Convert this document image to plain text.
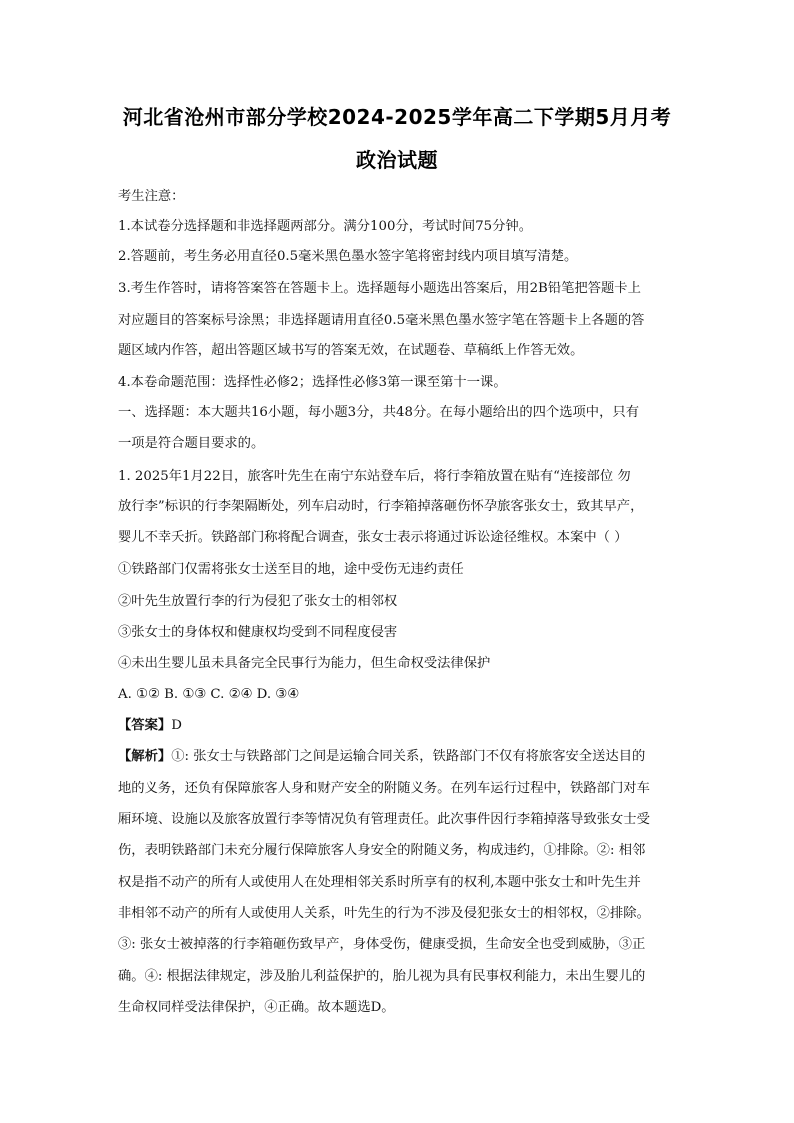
河北省沧州市部分学校2024-2025学年高二下学期5月月考
政治试题
考生注意：
1.本试卷分选择题和非选择题两部分。满分100分，考试时间75分钟。
2.答题前，考生务必用直径0.5毫米黑色墨水签字笔将密封线内项目填写清楚。
3.考生作答时，请将答案答在答题卡上。选择题每小题选出答案后，用2B铅笔把答题卡上
对应题目的答案标号涂黑；非选择题请用直径0.5毫米黑色墨水签字笔在答题卡上各题的答
题区域内作答，超出答题区域书写的答案无效，在试题卷、草稿纸上作答无效。
4.本卷命题范围：选择性必修2；选择性必修3第一课至第十一课。
一、选择题：本大题共16小题，每小题3分，共48分。在每小题给出的四个选项中，只有
一项是符合题目要求的。
1. 2025年1月22日，旅客叶先生在南宁东站登车后，将行李箱放置在贴有“连接部位 勿
放行李”标识的行李架隔断处，列车启动时，行李箱掉落砸伤怀孕旅客张女士，致其早产，
婴儿不幸夭折。铁路部门称将配合调查，张女士表示将通过诉讼途径维权。本案中（ ）
①铁路部门仅需将张女士送至目的地，途中受伤无违约责任
②叶先生放置行李的行为侵犯了张女士的相邻权
③张女士的身体权和健康权均受到不同程度侵害
④未出生婴儿虽未具备完全民事行为能力，但生命权受法律保护
A. ①② B. ①③ C. ②④ D. ③④
【答案】D
【解析】①: 张女士与铁路部门之间是运输合同关系，铁路部门不仅有将旅客安全送达目的
地的义务，还负有保障旅客人身和财产安全的附随义务。在列车运行过程中，铁路部门对车
厢环境、设施以及旅客放置行李等情况负有管理责任。此次事件因行李箱掉落导致张女士受
伤，表明铁路部门未充分履行保障旅客人身安全的附随义务，构成违约，①排除。②: 相邻
权是指不动产的所有人或使用人在处理相邻关系时所享有的权利,本题中张女士和叶先生并
非相邻不动产的所有人或使用人关系，叶先生的行为不涉及侵犯张女士的相邻权，②排除。
③: 张女士被掉落的行李箱砸伤致早产，身体受伤，健康受损，生命安全也受到威胁，③正
确。④: 根据法律规定，涉及胎儿利益保护的，胎儿视为具有民事权利能力，未出生婴儿的
生命权同样受法律保护，④正确。故本题选D。
